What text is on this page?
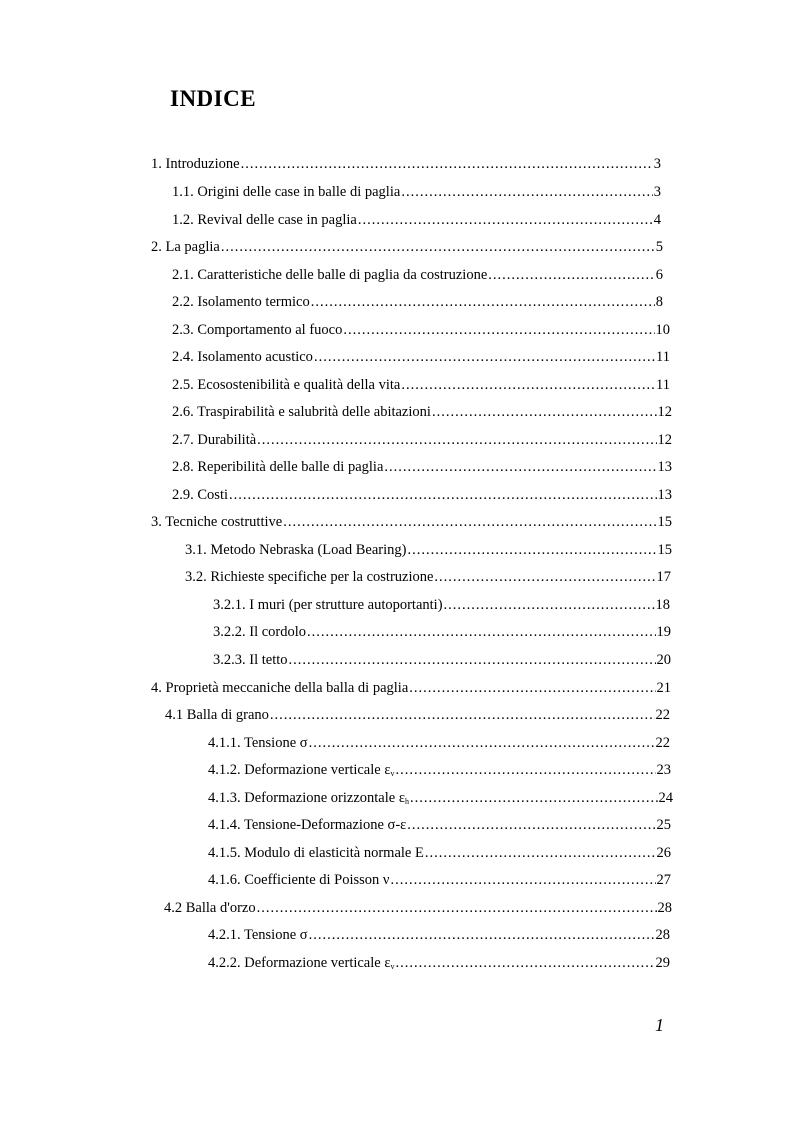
INDICE
1. Introduzione .....	3
1.1. Origini delle case in balle di paglia .....	3
1.2. Revival delle case in paglia .....	4
2. La paglia .....	5
2.1. Caratteristiche delle balle di paglia da costruzione .....	6
2.2. Isolamento termico .....	8
2.3. Comportamento al fuoco .....	10
2.4. Isolamento acustico .....	11
2.5. Ecosostenibilità e qualità della vita .....	11
2.6. Traspirabilità e salubrità delle abitazioni .....	12
2.7. Durabilità .....	12
2.8. Reperibilità delle balle di paglia .....	13
2.9. Costi .....	13
3. Tecniche costruttive .....	15
3.1. Metodo Nebraska (Load Bearing) .....	15
3.2. Richieste specifiche per la costruzione .....	17
3.2.1. I muri (per strutture autoportanti) .....	18
3.2.2. Il cordolo .....	19
3.2.3. Il tetto .....	20
4. Proprietà meccaniche della balla di paglia .....	21
4.1 Balla di grano .....	22
4.1.1. Tensione σ .....	22
4.1.2. Deformazione verticale $\varepsilon_v$ .....	23
4.1.3. Deformazione orizzontale $\varepsilon_h$ .....	24
4.1.4. Tensione-Deformazione σ-ε .....	25
4.1.5. Modulo di elasticità normale E .....	26
4.1.6. Coefficiente di Poisson ν .....	27
4.2 Balla d'orzo .....	28
4.2.1. Tensione σ .....	28
4.2.2. Deformazione verticale $\varepsilon_v$ .....	29
1
